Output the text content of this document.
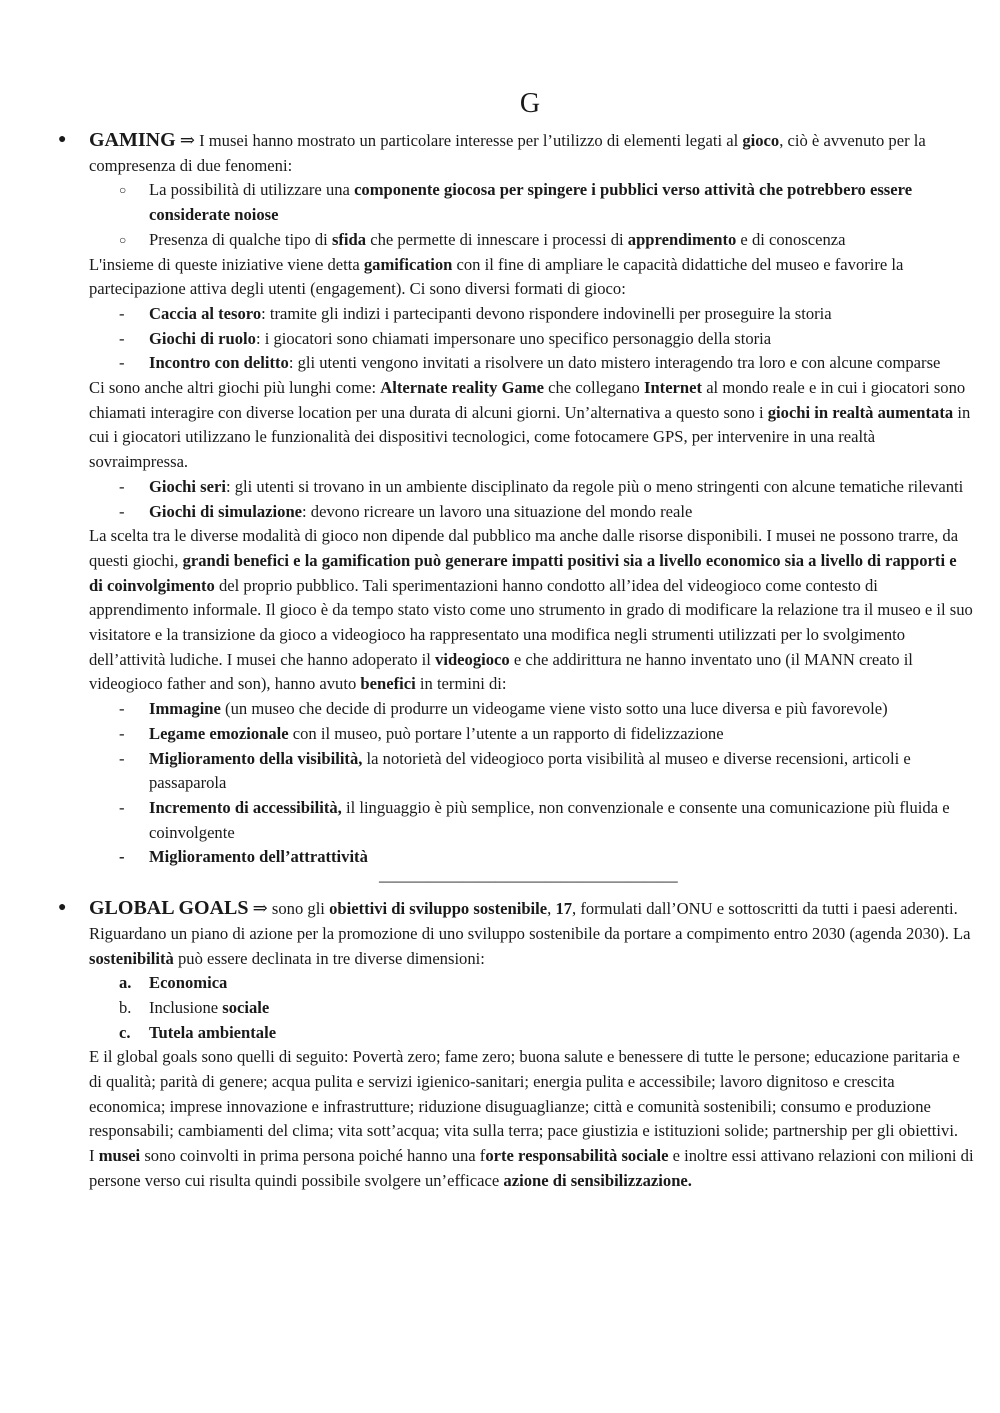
G

● GAMING ⇒ I musei hanno mostrato un particolare interesse per l’utilizzo di elementi legati al gioco, ciò è avvenuto per la compresenza di due fenomeni:

○ La possibilità di utilizzare una componente giocosa per spingere i pubblici verso attività che potrebbero essere considerate noiose
○ Presenza di qualche tipo di sfida che permette di innescare i processi di apprendimento e di conoscenza

L'insieme di queste iniziative viene detta gamification con il fine di ampliare le capacità didattiche del museo e favorire la partecipazione attiva degli utenti (engagement). Ci sono diversi formati di gioco:

- Caccia al tesoro: tramite gli indizi i partecipanti devono rispondere indovinelli per proseguire la storia
- Giochi di ruolo: i giocatori sono chiamati impersonare uno specifico personaggio della storia
- Incontro con delitto: gli utenti vengono invitati a risolvere un dato mistero interagendo tra loro e con alcune comparse

Ci sono anche altri giochi più lunghi come: Alternate reality Game che collegano Internet al mondo reale e in cui i giocatori sono chiamati interagire con diverse location per una durata di alcuni giorni. Un’alternativa a questo sono i giochi in realtà aumentata in cui i giocatori utilizzano le funzionalità dei dispositivi tecnologici, come fotocamere GPS, per intervenire in una realtà sovraimpressa.

- Giochi seri: gli utenti si trovano in un ambiente disciplinato da regole più o meno stringenti con alcune tematiche rilevanti
- Giochi di simulazione: devono ricreare un lavoro una situazione del mondo reale

La scelta tra le diverse modalità di gioco non dipende dal pubblico ma anche dalle risorse disponibili. I musei ne possono trarre, da questi giochi, grandi benefici e la gamification può generare impatti positivi sia a livello economico sia a livello di rapporti e di coinvolgimento del proprio pubblico. Tali sperimentazioni hanno condotto all’idea del videogioco come contesto di apprendimento informale. Il gioco è da tempo stato visto come uno strumento in grado di modificare la relazione tra il museo e il suo visitatore e la transizione da gioco a videogioco ha rappresentato una modifica negli strumenti utilizzati per lo svolgimento dell’attività ludiche. I musei che hanno adoperato il videogioco e che addirittura ne hanno inventato uno (il MANN creato il videogioco father and son), hanno avuto benefici in termini di:

- Immagine (un museo che decide di produrre un videogame viene visto sotto una luce diversa e più favorevole)
- Legame emozionale con il museo, può portare l’utente a un rapporto di fidelizzazione
- Miglioramento della visibilità, la notorietà del videogioco porta visibilità al museo e diverse recensioni, articoli e passaparola
- Incremento di accessibilità, il linguaggio è più semplice, non convenzionale e consente una comunicazione più fluida e coinvolgente
- Miglioramento dell’attrattività
——————————————————

● GLOBAL GOALS ⇒ sono gli obiettivi di sviluppo sostenibile, 17, formulati dall’ONU e sottoscritti da tutti i paesi aderenti. Riguardano un piano di azione per la promozione di uno sviluppo sostenibile da portare a compimento entro 2030 (agenda 2030). La sostenibilità può essere declinata in tre diverse dimensioni:

a. Economica
b. Inclusione sociale
c. Tutela ambientale

E il global goals sono quelli di seguito: Povertà zero; fame zero; buona salute e benessere di tutte le persone; educazione paritaria e di qualità; parità di genere; acqua pulita e servizi igienico-sanitari; energia pulita e accessibile; lavoro dignitoso e crescita economica; imprese innovazione e infrastrutture; riduzione disuguaglianze; città e comunità sostenibili; consumo e produzione responsabili; cambiamenti del clima; vita sott’acqua; vita sulla terra; pace giustizia e istituzioni solide; partnership per gli obiettivi.

I musei sono coinvolti in prima persona poiché hanno una forte responsabilità sociale e inoltre essi attivano relazioni con milioni di persone verso cui risulta quindi possibile svolgere un’efficace azione di sensibilizzazione.
